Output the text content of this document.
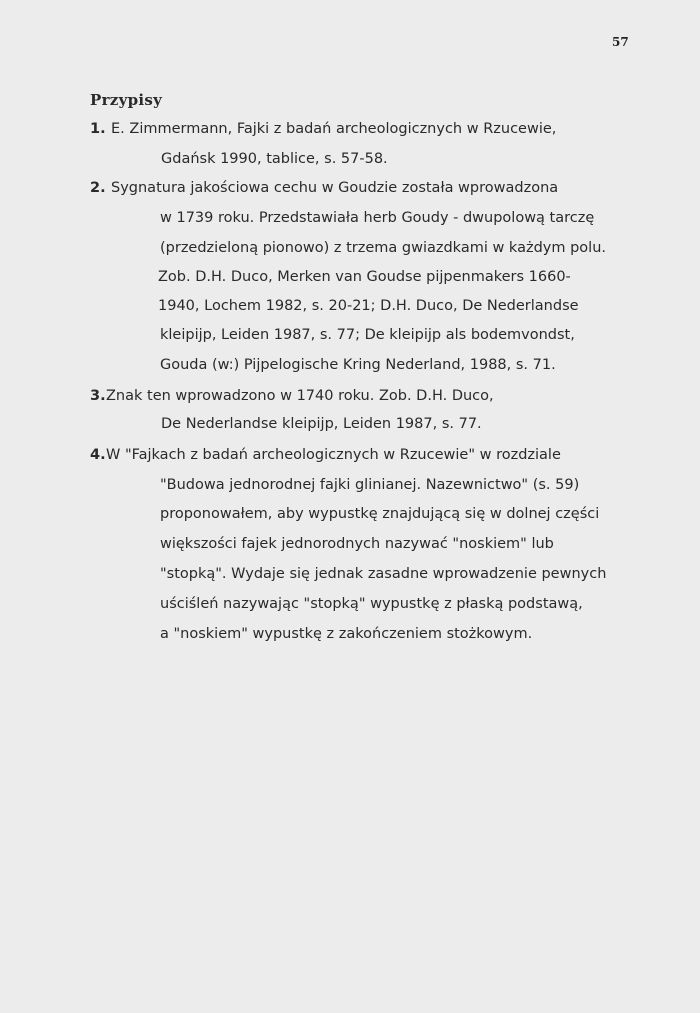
57
Przypisy
1. E. Zimmermann, Fajki z badań archeologicznych w Rzucewie,
Gdańsk 1990, tablice, s. 57-58.
2. Sygnatura jakościowa cechu w Goudzie została wprowadzona
w 1739 roku. Przedstawiała herb Goudy - dwupolową tarczę
(przedzieloną pionowo) z trzema gwiazdkami w każdym polu.
Zob. D.H. Duco, Merken van Goudse pijpenmakers 1660-
1940, Lochem 1982, s. 20-21; D.H. Duco, De Nederlandse
kleipijp, Leiden 1987, s. 77; De kleipijp als bodemvondst,
Gouda (w:) Pijpelogische Kring Nederland, 1988, s. 71.
3. Znak ten wprowadzono w 1740 roku. Zob. D.H. Duco,
De Nederlandse kleipijp, Leiden 1987, s. 77.
4. W "Fajkach z badań archeologicznych w Rzucewie" w rozdziale
"Budowa jednorodnej fajki glinianej. Nazewnictwo" (s. 59)
proponowałem, aby wypustkę znajdującą się w dolnej części
większości fajek jednorodnych nazywać "noskiem" lub
"stopką". Wydaje się jednak zasadne wprowadzenie pewnych
uściśleń nazywając "stopką" wypustkę z płaską podstawą,
a "noskiem" wypustkę z zakończeniem stożkowym.
